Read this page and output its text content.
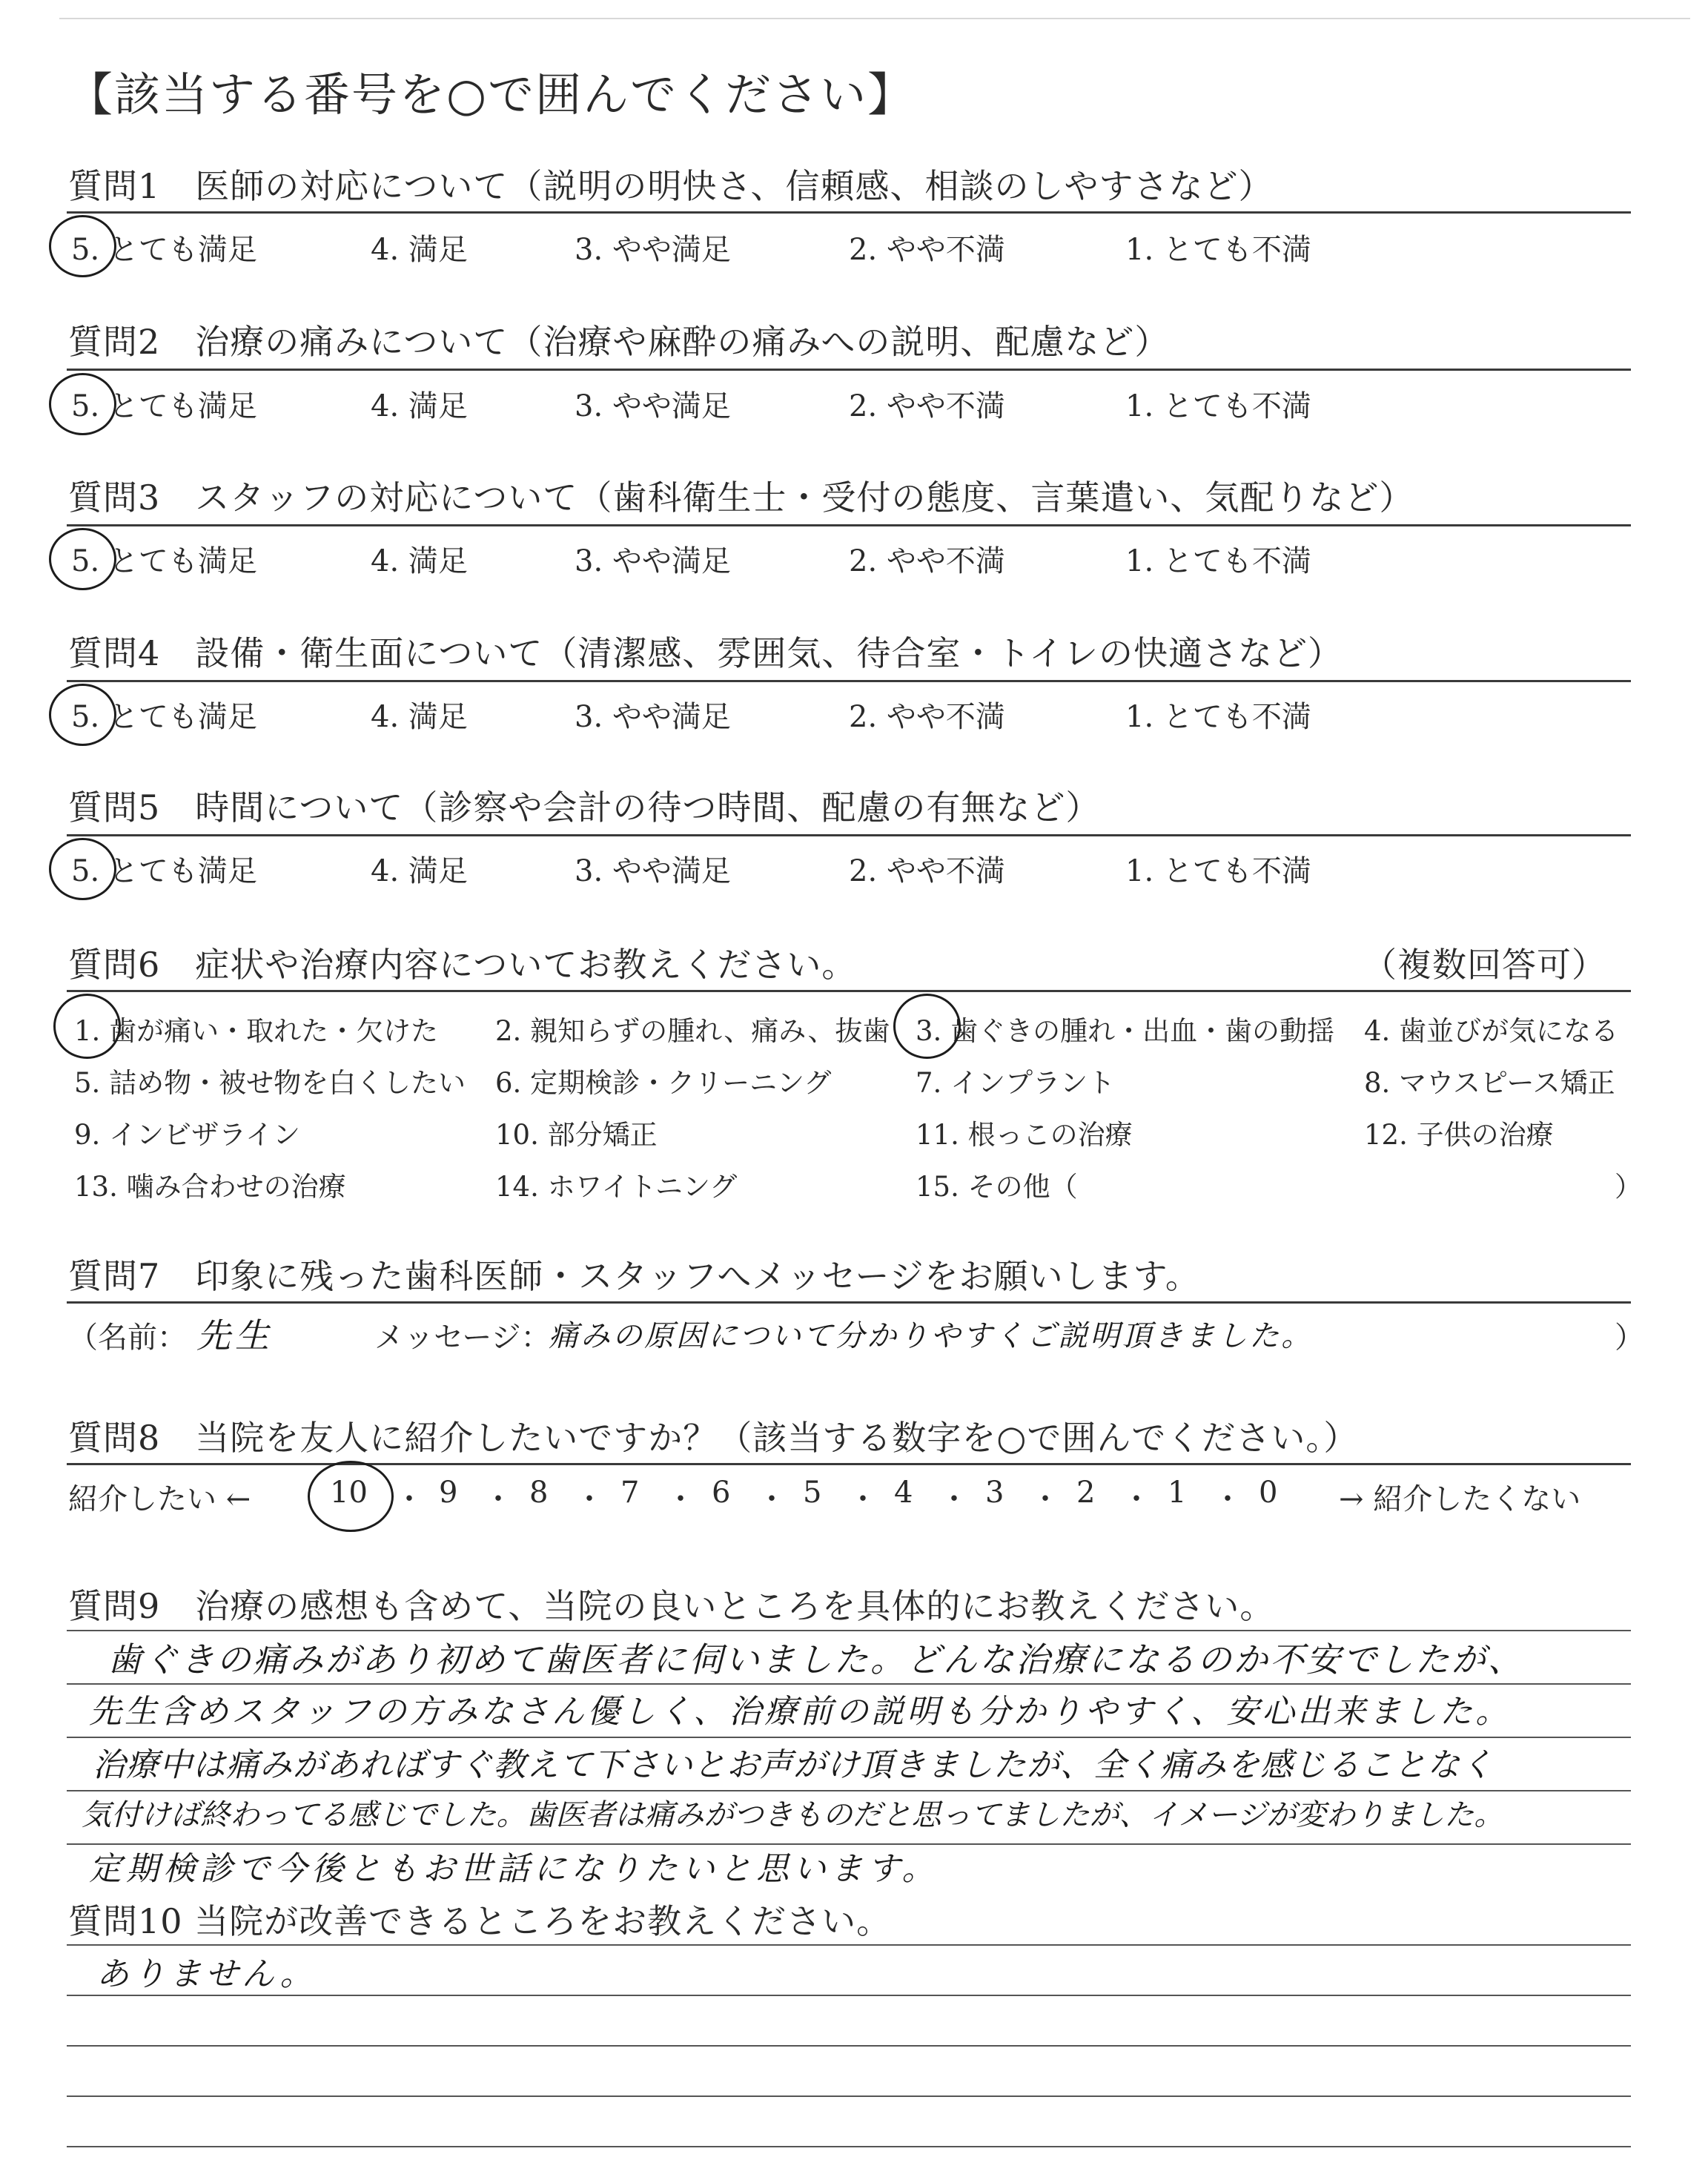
【該当する番号を○で囲んでください】
質問1　医師の対応について（説明の明快さ、信頼感、相談のしやすさなど）
5. とても満足	4. 満足	3. やや満足	2. やや不満	1. とても不満
質問2　治療の痛みについて（治療や麻酔の痛みへの説明、配慮など）
5. とても満足	4. 満足	3. やや満足	2. やや不満	1. とても不満
質問3　スタッフの対応について（歯科衛生士・受付の態度、言葉遣い、気配りなど）
5. とても満足	4. 満足	3. やや満足	2. やや不満	1. とても不満
質問4　設備・衛生面について（清潔感、雰囲気、待合室・トイレの快適さなど）
5. とても満足	4. 満足	3. やや満足	2. やや不満	1. とても不満
質問5　時間について（診察や会計の待つ時間、配慮の有無など）
5. とても満足	4. 満足	3. やや満足	2. やや不満	1. とても不満
質問6　症状や治療内容についてお教えください。	（複数回答可）
1. 歯が痛い・取れた・欠けた 2. 親知らずの腫れ、痛み、抜歯 3. 歯ぐきの腫れ・出血・歯の動揺 4. 歯並びが気になる
5. 詰め物・被せ物を白くしたい 6. 定期検診・クリーニング	7. インプラント	8. マウスピース矯正
9. インビザライン	10. 部分矯正	11. 根っこの治療	12. 子供の治療
13. 噛み合わせの治療	14. ホワイトニング	15. その他（	）
質問7　印象に残った歯科医師・スタッフへメッセージをお願いします。
（名前： 先生	メッセージ：
痛みの原因について分かりやすくご説明頂きました。	）
質問8　当院を友人に紹介したいですか？（該当する数字を○で囲んでください。）
紹介したい ←	10 ・ 9 ・ 8 ・ 7 ・ 6 ・ 5 ・ 4 ・ 3 ・ 2 ・ 1 ・ 0 → 紹介したくない
質問9　治療の感想も含めて、当院の良いところを具体的にお教えください。
歯ぐきの痛みがあり初めて歯医者に伺いました。どんな治療になるのか不安でしたが、
先生含めスタッフの方みなさん優しく、治療前の説明も分かりやすく、安心出来ました。
治療中は痛みがあればすぐ教えて下さいとお声がけ頂きましたが、全く痛みを感じることなく
気付けば終わってる感じでした。歯医者は痛みがつきものだと思ってましたが、イメージが変わりました。
定期検診で今後ともお世話になりたいと思います。
質問10 当院が改善できるところをお教えください。
ありません。
